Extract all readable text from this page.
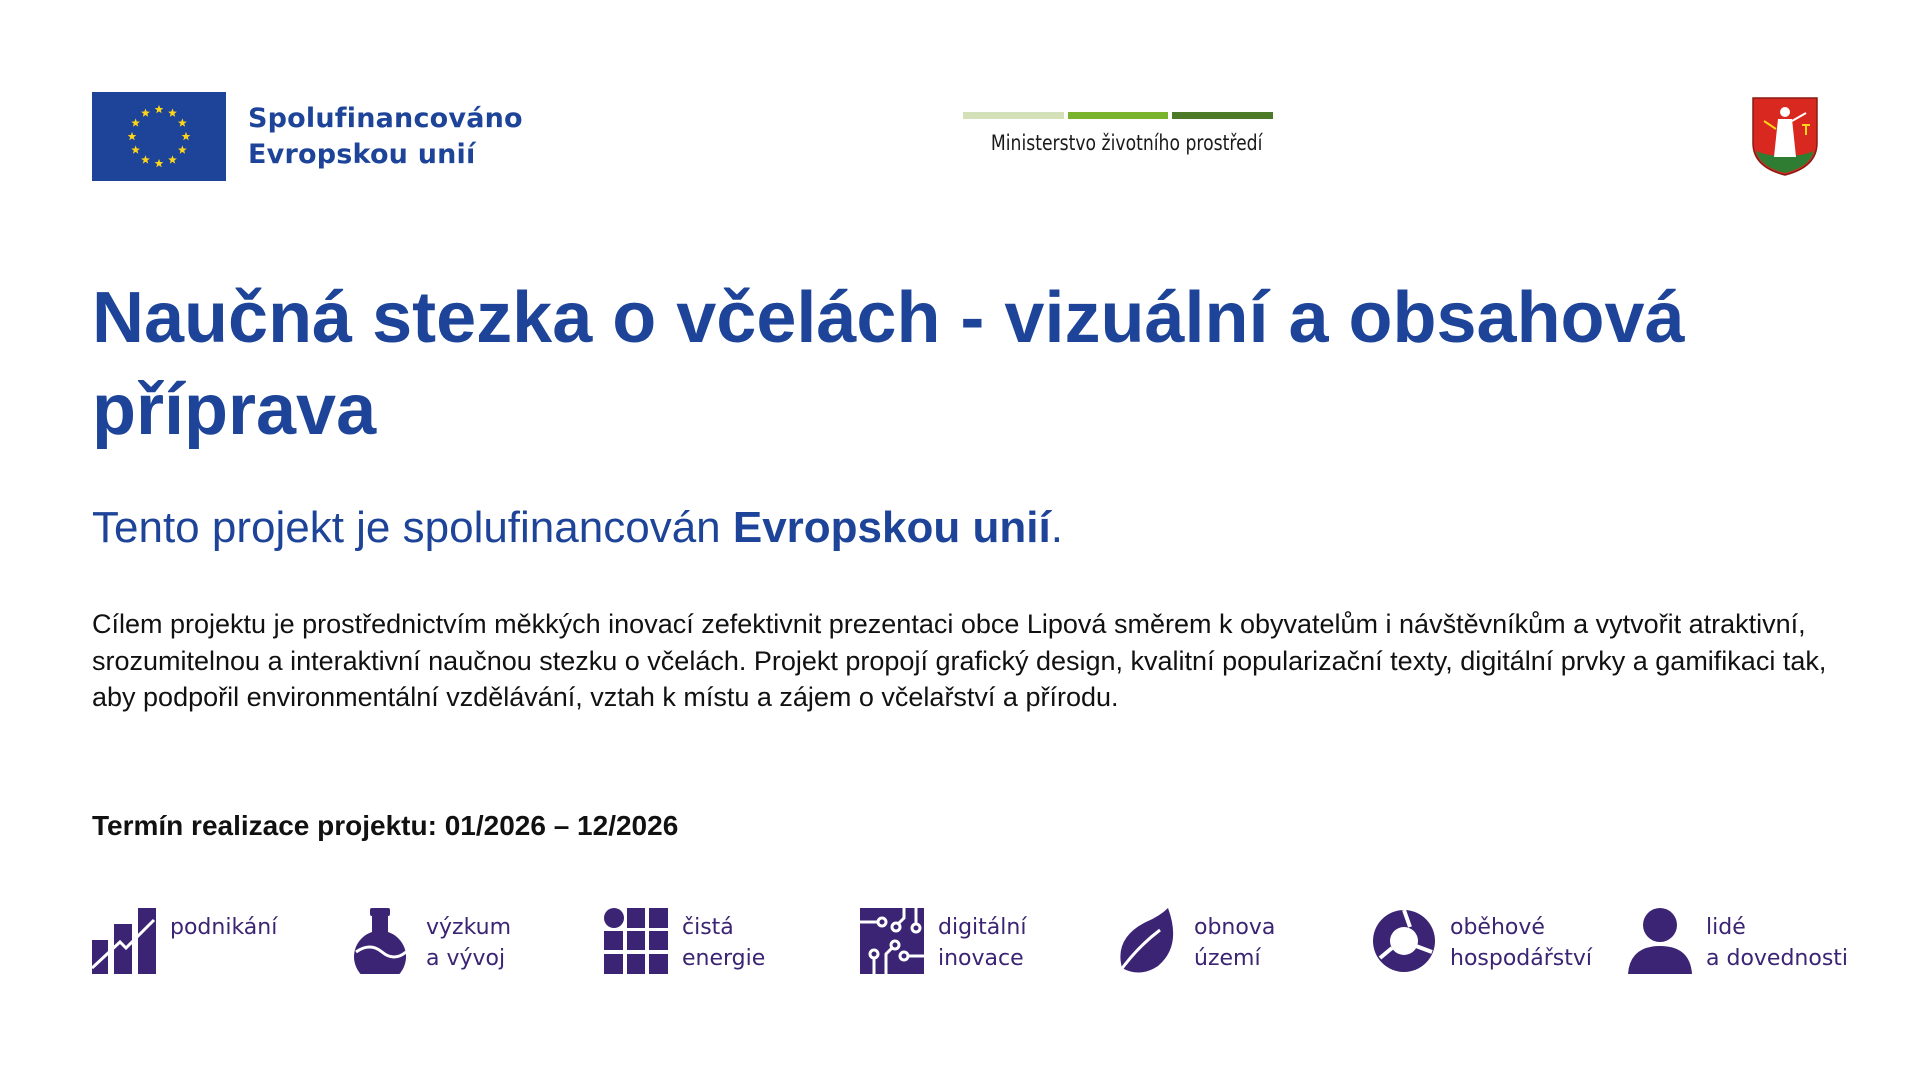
Spolufinancováno
Evropskou unií	Ministerstvo životního prostředí
Naučná stezka o včelách - vizuální a obsahová příprava

Tento projekt je spolufinancován Evropskou unií.

Cílem projektu je prostřednictvím měkkých inovací zefektivnit prezentaci obce Lipová směrem k obyvatelům i návštěvníkům a vytvořit atraktivní, srozumitelnou a interaktivní naučnou stezku o včelách. Projekt propojí grafický design, kvalitní popularizační texty, digitální prvky a gamifikaci tak, aby podpořil environmentální vzdělávání, vztah k místu a zájem o včelařství a přírodu.

Termín realizace projektu: 01/2026 – 12/2026

podnikání	výzkum
a vývoj
čistá
energie
digitální
inovace
obnova
území
oběhové
hospodářství
lidé
a dovednosti
